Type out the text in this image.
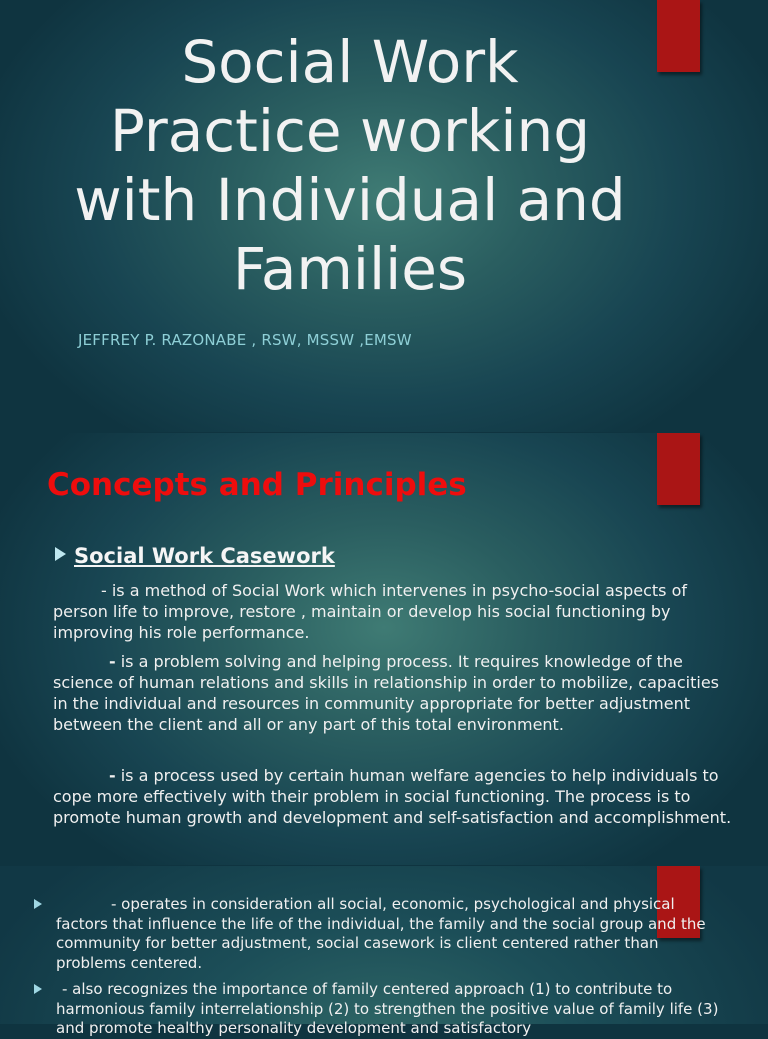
Social Work Practice working with Individual and Families

JEFFREY P. RAZONABE , RSW, MSSW ,EMSW

Concepts and Principles
Social Work Casework

- is a method of Social Work which intervenes in psycho-social aspects of person life to improve, restore , maintain or develop his social functioning by improving his role performance.

- is a problem solving and helping process. It requires knowledge of the science of human relations and skills in relationship in order to mobilize, capacities in the individual and resources in community appropriate for better adjustment between the client and all or any part of this total environment.

- is a process used by certain human welfare agencies to help individuals to cope more effectively with their problem in social functioning. The process is to promote human growth and development and self-satisfaction and accomplishment.

- operates in consideration all social, economic, psychological and physical factors that influence the life of the individual, the family and the social group and the community for better adjustment, social casework is client centered rather than problems centered.

- also recognizes the importance of family centered approach (1) to contribute to harmonious family interrelationship (2) to strengthen the positive value of family life (3) and promote healthy personality development and satisfactory
